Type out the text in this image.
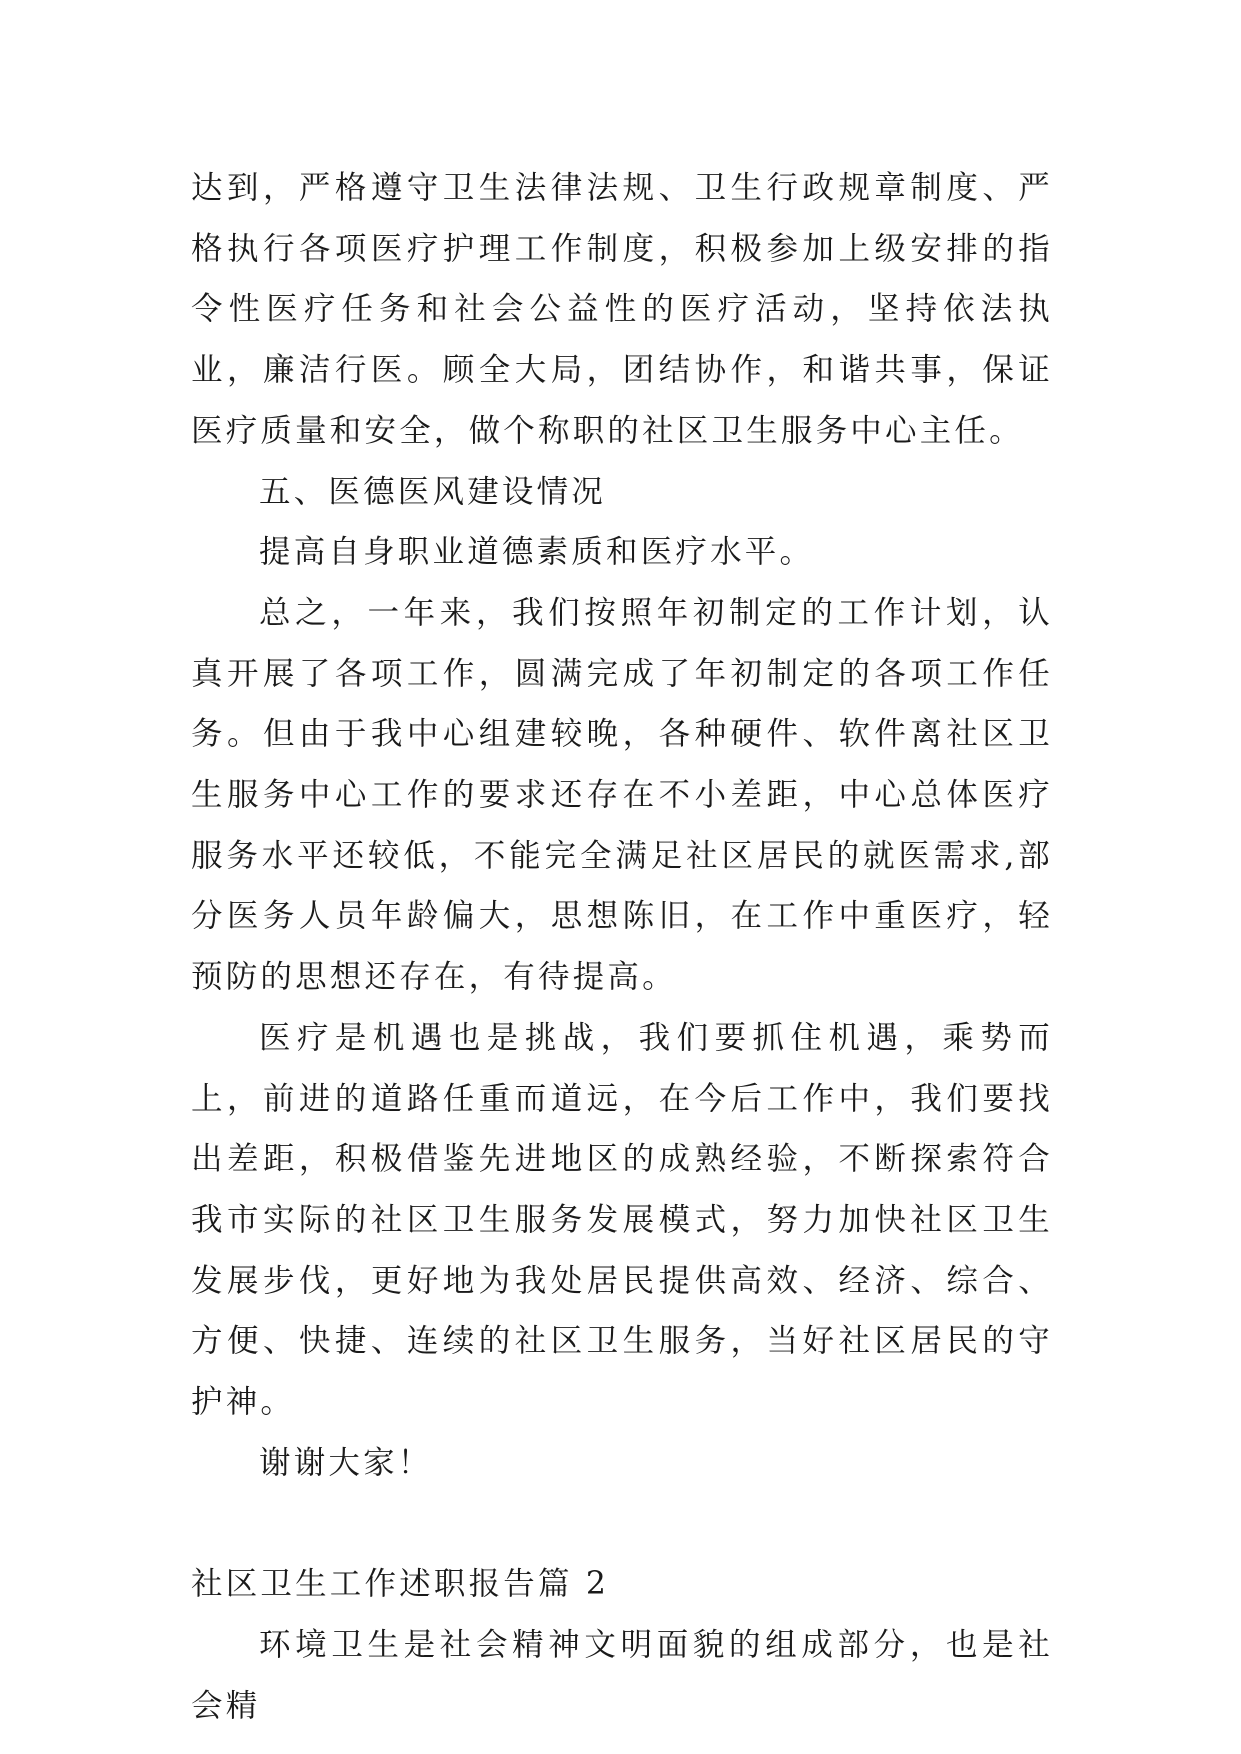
达到，严格遵守卫生法律法规、卫生行政规章制度、严格执行各项医疗护理工作制度，积极参加上级安排的指令性医疗任务和社会公益性的医疗活动，坚持依法执业，廉洁行医。顾全大局，团结协作，和谐共事，保证医疗质量和安全，做个称职的社区卫生服务中心主任。

五、医德医风建设情况

提高自身职业道德素质和医疗水平。

总之，一年来，我们按照年初制定的工作计划，认真开展了各项工作，圆满完成了年初制定的各项工作任务。但由于我中心组建较晚，各种硬件、软件离社区卫生服务中心工作的要求还存在不小差距，中心总体医疗服务水平还较低，不能完全满足社区居民的就医需求,部分医务人员年龄偏大，思想陈旧，在工作中重医疗，轻预防的思想还存在，有待提高。

医疗是机遇也是挑战，我们要抓住机遇，乘势而上，前进的道路任重而道远，在今后工作中，我们要找出差距，积极借鉴先进地区的成熟经验，不断探索符合我市实际的社区卫生服务发展模式，努力加快社区卫生发展步伐，更好地为我处居民提供高效、经济、综合、方便、快捷、连续的社区卫生服务，当好社区居民的守护神。

谢谢大家！

社区卫生工作述职报告篇 2

环境卫生是社会精神文明面貌的组成部分，也是社会精
